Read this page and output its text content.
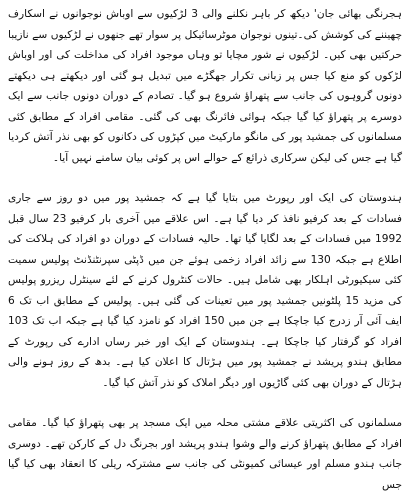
ہجرنگی بھائی جان' دیکھ کر باہر نکلنے والی 3 لڑکیوں سے اوباش نوجوانوں نے اسکارف چھیننے کی کوشش کی۔تینوں نوجوان موٹرسائیکل پر سوار تھے جنھوں نے لڑکیوں سے نازیبا حرکتیں بھی کیں۔ لڑکیوں نے شور مچایا تو وہاں موجود افراد کی مداخلت کی اور اوباش لڑکوں کو منع کیا جس پر زبانی تکرار جھگڑے میں تبدیل ہو گئی اور دیکھتے ہی دیکھتے دونوں گروہوں کی جانب سے پتھراؤ شروع ہو گیا۔ تصادم کے دوران دونوں جانب سے ایک دوسرے پر پتھراؤ کیا گیا جبکہ ہوائی فائرنگ بھی کی گئی۔ مقامی افراد کے مطابق کئی مسلمانوں کی جمشید پور کی مانگو مارکیٹ میں کپڑوں کی دکانوں کو بھی نذر آتش کردیا گیا ہے جس کی لیکن سرکاری ذرائع کے حوالے اس پر کوئی بیان سامنے نہیں آیا۔

ہندوستان کی ایک اور رپورٹ میں بتایا گیا ہے کہ جمشید پور میں دو روز سے جاری فسادات کے بعد کرفیو نافذ کر دیا گیا ہے۔ اس علاقے میں آخری بار کرفیو 23 سال قبل 1992 میں فسادات کے بعد لگایا گیا تھا۔ حالیہ فسادات کے دوران دو افراد کی ہلاکت کی اطلاع ہے جبکہ 130 سے زائد افراد زخمی ہوئے جن میں ڈپٹی سپرنٹنڈنٹ پولیس سمیت کئی سیکیورٹی اہلکار بھی شامل ہیں۔ حالات کنٹرول کرنے کے لئے سینٹرل ریزرو پولیس کی مزید 15 پلٹونیں جمشید پور میں تعینات کی گئی ہیں۔ پولیس کے مطابق اب تک 6 ایف آئی آر زدرج کیا جاچکا ہے جن میں 150 افراد کو نامزد کیا گیا ہے جبکہ اب تک 103 افراد کو گرفتار کیا جاچکا ہے۔ ہندوستان کے ایک اور خبر رساں ادارے کی رپورٹ کے مطابق ہندو پریشد نے جمشید پور میں ہڑتال کا اعلان کیا ہے۔ بدھ کے روز ہونے والی ہڑتال کے دوران بھی کئی گاڑیوں اور دیگر املاک کو نذر آتش کیا گیا۔

مسلمانوں کی اکثریتی علاقے مشتی محلہ میں ایک مسجد پر بھی پتھراؤ کیا گیا۔ مقامی افراد کے مطابق پتھراؤ کرنے والے وشوا ہندو پریشد اور بجرنگ دل کے کارکن تھے۔ دوسری جانب ہندو مسلم اور عیسائی کمیونٹی کی جانب سے مشترکہ ریلی کا انعقاد بھی کیا گیا جس
